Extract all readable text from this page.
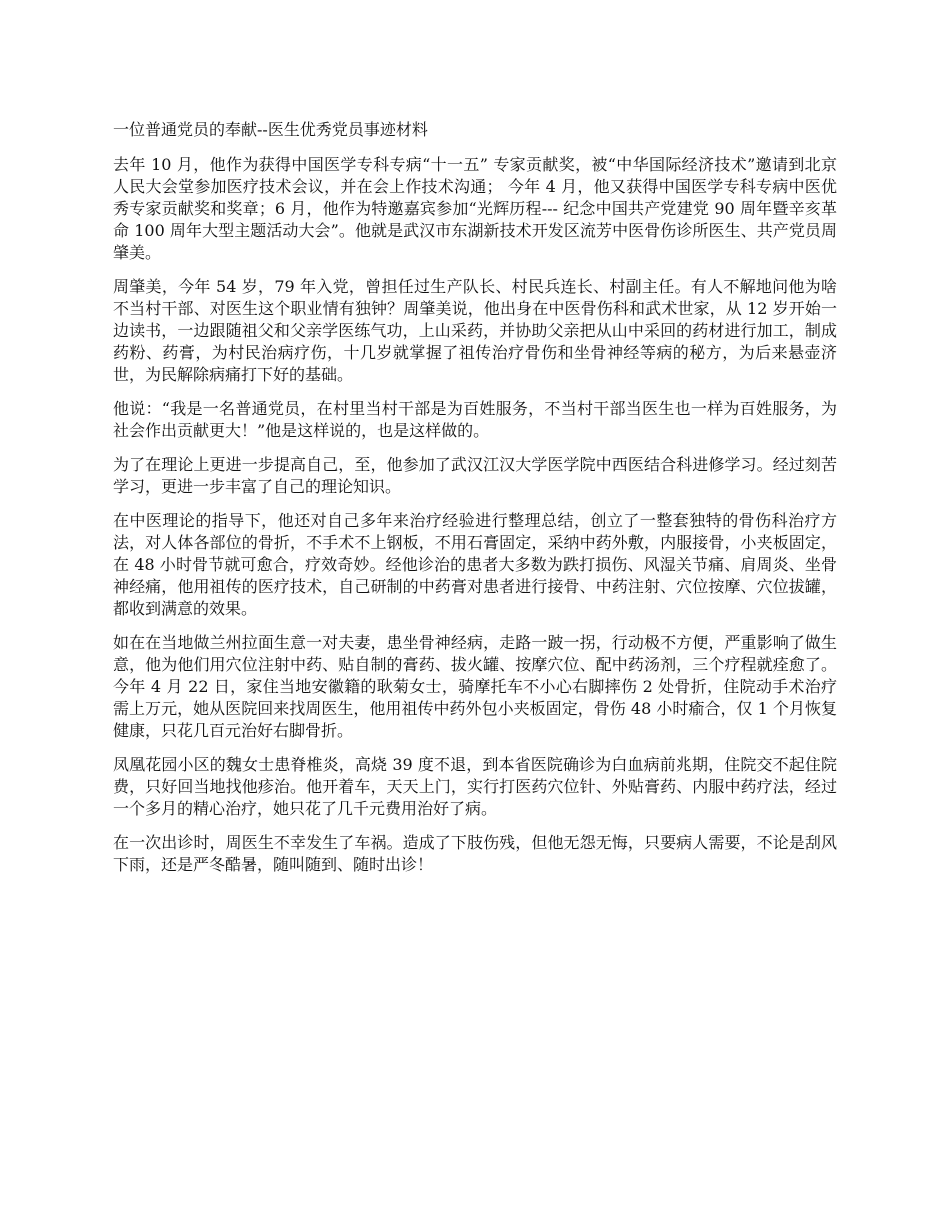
一位普通党员的奉献--医生优秀党员事迹材料

去年 10 月，他作为获得中国医学专科专病“十一五” 专家贡献奖，被“中华国际经济技术”邀请到北京人民大会堂参加医疗技术会议，并在会上作技术沟通； 今年 4 月，他又获得中国医学专科专病中医优秀专家贡献奖和奖章；6 月，他作为特邀嘉宾参加“光辉历程--- 纪念中国共产党建党 90 周年暨辛亥革命 100 周年大型主题活动大会”。他就是武汉市东湖新技术开发区流芳中医骨伤诊所医生、共产党员周肇美。

周肇美，今年 54 岁，79 年入党，曾担任过生产队长、村民兵连长、村副主任。有人不解地问他为啥不当村干部、对医生这个职业情有独钟？周肇美说，他出身在中医骨伤科和武术世家，从 12 岁开始一边读书，一边跟随祖父和父亲学医练气功，上山采药，并协助父亲把从山中采回的药材进行加工，制成药粉、药膏，为村民治病疗伤，十几岁就掌握了祖传治疗骨伤和坐骨神经等病的秘方，为后来悬壶济世，为民解除病痛打下好的基础。

他说：“我是一名普通党员，在村里当村干部是为百姓服务，不当村干部当医生也一样为百姓服务，为社会作出贡献更大！”他是这样说的，也是这样做的。

为了在理论上更进一步提高自己，至，他参加了武汉江汉大学医学院中西医结合科进修学习。经过刻苦学习，更进一步丰富了自己的理论知识。

在中医理论的指导下，他还对自己多年来治疗经验进行整理总结，创立了一整套独特的骨伤科治疗方法，对人体各部位的骨折，不手术不上钢板，不用石膏固定，采纳中药外敷，内服接骨，小夹板固定，在 48 小时骨节就可愈合，疗效奇妙。经他诊治的患者大多数为跌打损伤、风湿关节痛、肩周炎、坐骨神经痛，他用祖传的医疗技术，自己研制的中药膏对患者进行接骨、中药注射、穴位按摩、穴位拔罐，都收到满意的效果。

如在在当地做兰州拉面生意一对夫妻，患坐骨神经病，走路一跛一拐，行动极不方便，严重影响了做生意，他为他们用穴位注射中药、贴自制的膏药、拔火罐、按摩穴位、配中药汤剂，三个疗程就痊愈了。今年 4 月 22 日，家住当地安徽籍的耿菊女士，骑摩托车不小心右脚摔伤 2 处骨折，住院动手术治疗需上万元，她从医院回来找周医生，他用祖传中药外包小夹板固定，骨伤 48 小时瘉合，仅 1 个月恢复健康，只花几百元治好右脚骨折。

凤凰花园小区的魏女士患脊椎炎，高烧 39 度不退，到本省医院确诊为白血病前兆期，住院交不起住院费，只好回当地找他疹治。他开着车，天天上门，实行打医药穴位针、外贴膏药、内服中药疗法，经过一个多月的精心治疗，她只花了几千元费用治好了病。

在一次出诊时，周医生不幸发生了车祸。造成了下肢伤残，但他无怨无悔，只要病人需要，不论是刮风下雨，还是严冬酷暑，随叫随到、随时出诊！
